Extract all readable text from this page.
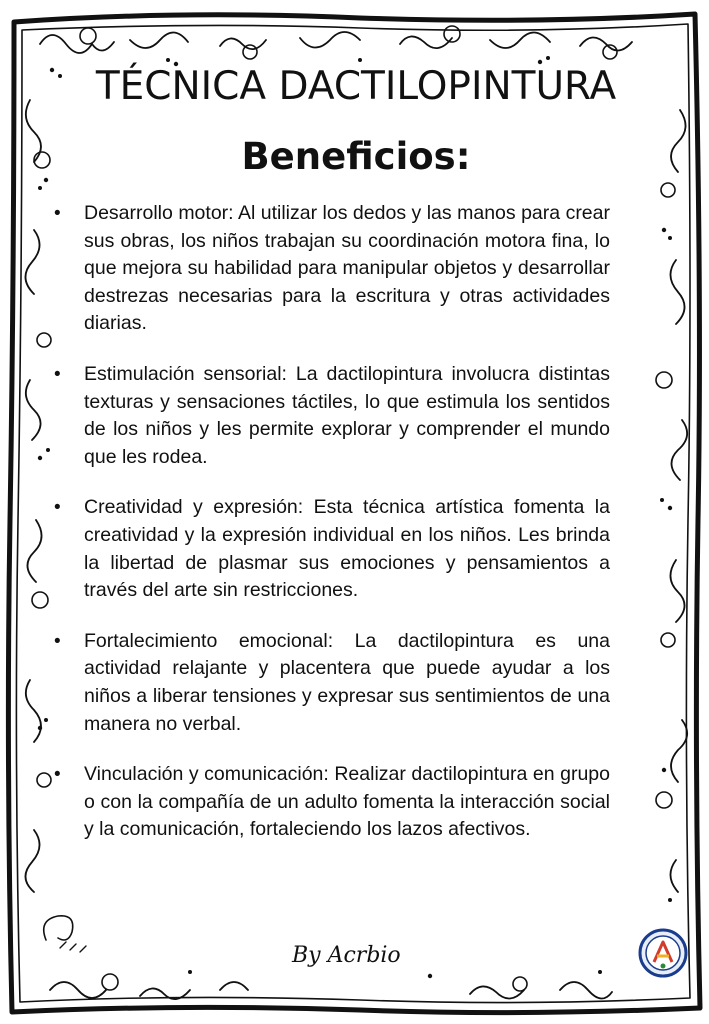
TÉCNICA DACTILOPINTURA
Beneficios:
• Desarrollo motor: Al utilizar los dedos y las manos para crear sus obras, los niños trabajan su coordinación motora fina, lo que mejora su habilidad para manipular objetos y desarrollar destrezas necesarias para la escritura y otras actividades diarias.
• Estimulación sensorial: La dactilopintura involucra distintas texturas y sensaciones táctiles, lo que estimula los sentidos de los niños y les permite explorar y comprender el mundo que les rodea.
• Creatividad y expresión: Esta técnica artística fomenta la creatividad y la expresión individual en los niños. Les brinda la libertad de plasmar sus emociones y pensamientos a través del arte sin restricciones.
• Fortalecimiento emocional: La dactilopintura es una actividad relajante y placentera que puede ayudar a los niños a liberar tensiones y expresar sus sentimientos de una manera no verbal.
• Vinculación y comunicación: Realizar dactilopintura en grupo o con la compañía de un adulto fomenta la interacción social y la comunicación, fortaleciendo los lazos afectivos.
By Acrbio
